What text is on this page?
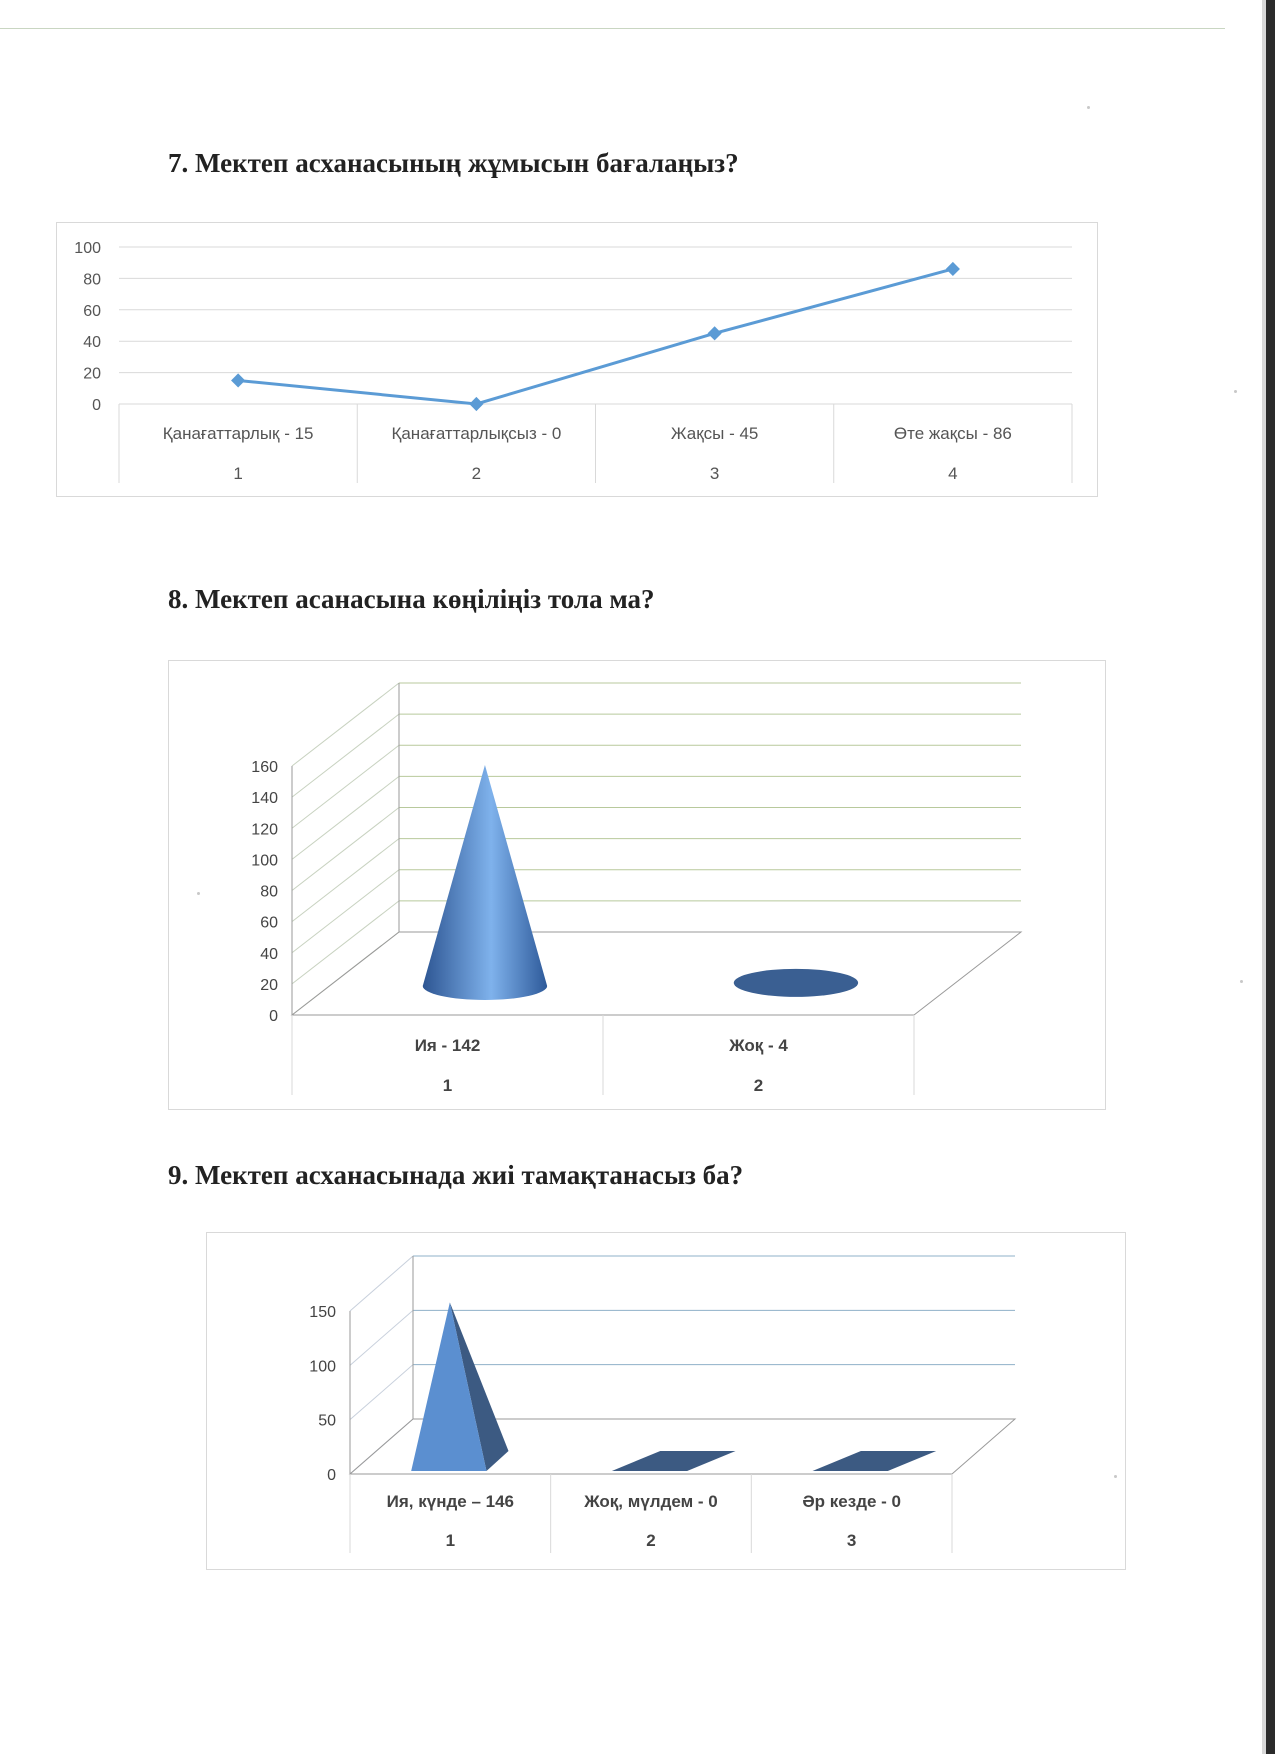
7. Мектеп асханасының жұмысын бағалаңыз?
0
20
40
60
80
100
Қанағаттарлық - 15
1
Қанағаттарлықсыз - 0
2
Жақсы - 45
3
Өте жақсы - 86
4
8. Мектеп асанасына көңіліңіз тола ма?
0
20
40
60
80
100
120
140
160
Ия - 142
1
Жоқ - 4
2
9. Мектеп асханасынада жиі тамақтанасыз ба?
0
50
100
150
Ия, күнде – 146
1
Жоқ, мүлдем - 0
2
Әр кезде - 0
3
